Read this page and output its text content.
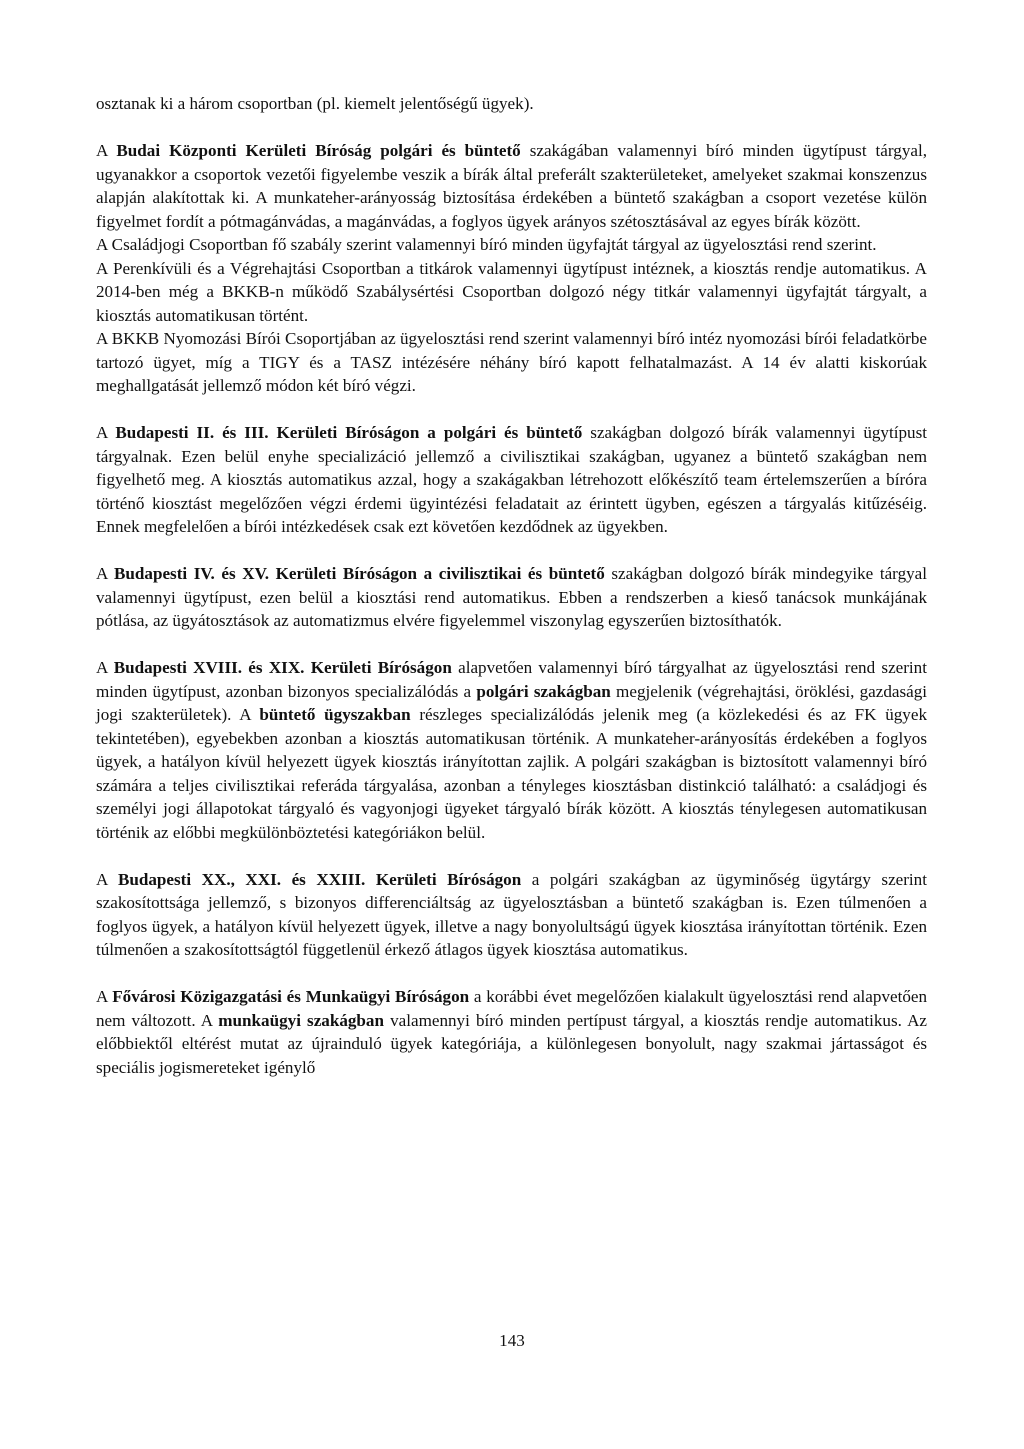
osztanak ki a három csoportban (pl. kiemelt jelentőségű ügyek).

A Budai Központi Kerületi Bíróság polgári és büntető szakágában valamennyi bíró minden ügytípust tárgyal, ugyanakkor a csoportok vezetői figyelembe veszik a bírák által preferált szakterületeket, amelyeket szakmai konszenzus alapján alakítottak ki. A munkateher-arányosság biztosítása érdekében a büntető szakágban a csoport vezetése külön figyelmet fordít a pótmagánvádas, a magánvádas, a foglyos ügyek arányos szétosztásával az egyes bírák között.

A Családjogi Csoportban fő szabály szerint valamennyi bíró minden ügyfajtát tárgyal az ügyelosztási rend szerint.

A Perenkívüli és a Végrehajtási Csoportban a titkárok valamennyi ügytípust intéznek, a kiosztás rendje automatikus. A 2014-ben még a BKKB-n működő Szabálysértési Csoportban dolgozó négy titkár valamennyi ügyfajtát tárgyalt, a kiosztás automatikusan történt.

A BKKB Nyomozási Bírói Csoportjában az ügyelosztási rend szerint valamennyi bíró intéz nyomozási bírói feladatkörbe tartozó ügyet, míg a TIGY és a TASZ intézésére néhány bíró kapott felhatalmazást. A 14 év alatti kiskorúak meghallgatását jellemző módon két bíró végzi.

A Budapesti II. és III. Kerületi Bíróságon a polgári és büntető szakágban dolgozó bírák valamennyi ügytípust tárgyalnak. Ezen belül enyhe specializáció jellemző a civilisztikai szakágban, ugyanez a büntető szakágban nem figyelhető meg. A kiosztás automatikus azzal, hogy a szakágakban létrehozott előkészítő team értelemszerűen a bíróra történő kiosztást megelőzően végzi érdemi ügyintézési feladatait az érintett ügyben, egészen a tárgyalás kitűzéséig. Ennek megfelelően a bírói intézkedések csak ezt követően kezdődnek az ügyekben.

A Budapesti IV. és XV. Kerületi Bíróságon a civilisztikai és büntető szakágban dolgozó bírák mindegyike tárgyal valamennyi ügytípust, ezen belül a kiosztási rend automatikus. Ebben a rendszerben a kieső tanácsok munkájának pótlása, az ügyátosztások az automatizmus elvére figyelemmel viszonylag egyszerűen biztosíthatók.

A Budapesti XVIII. és XIX. Kerületi Bíróságon alapvetően valamennyi bíró tárgyalhat az ügyelosztási rend szerint minden ügytípust, azonban bizonyos specializálódás a polgári szakágban megjelenik (végrehajtási, öröklési, gazdasági jogi szakterületek). A büntető ügyszakban részleges specializálódás jelenik meg (a közlekedési és az FK ügyek tekintetében), egyebekben azonban a kiosztás automatikusan történik. A munkateher-arányosítás érdekében a foglyos ügyek, a hatályon kívül helyezett ügyek kiosztás irányítottan zajlik. A polgári szakágban is biztosított valamennyi bíró számára a teljes civilisztikai referáda tárgyalása, azonban a tényleges kiosztásban distinkció található: a családjogi és személyi jogi állapotokat tárgyaló és vagyonjogi ügyeket tárgyaló bírák között. A kiosztás ténylegesen automatikusan történik az előbbi megkülönböztetési kategóriákon belül.

A Budapesti XX., XXI. és XXIII. Kerületi Bíróságon a polgári szakágban az ügyminőség ügytárgy szerint szakosítottsága jellemző, s bizonyos differenciáltság az ügyelosztásban a büntető szakágban is. Ezen túlmenően a foglyos ügyek, a hatályon kívül helyezett ügyek, illetve a nagy bonyolultságú ügyek kiosztása irányítottan történik. Ezen túlmenően a szakosítottságtól függetlenül érkező átlagos ügyek kiosztása automatikus.

A Fővárosi Közigazgatási és Munkaügyi Bíróságon a korábbi évet megelőzően kialakult ügyelosztási rend alapvetően nem változott. A munkaügyi szakágban valamennyi bíró minden pertípust tárgyal, a kiosztás rendje automatikus. Az előbbiektől eltérést mutat az újrainduló ügyek kategóriája, a különlegesen bonyolult, nagy szakmai jártasságot és speciális jogismereteket igénylő

143
